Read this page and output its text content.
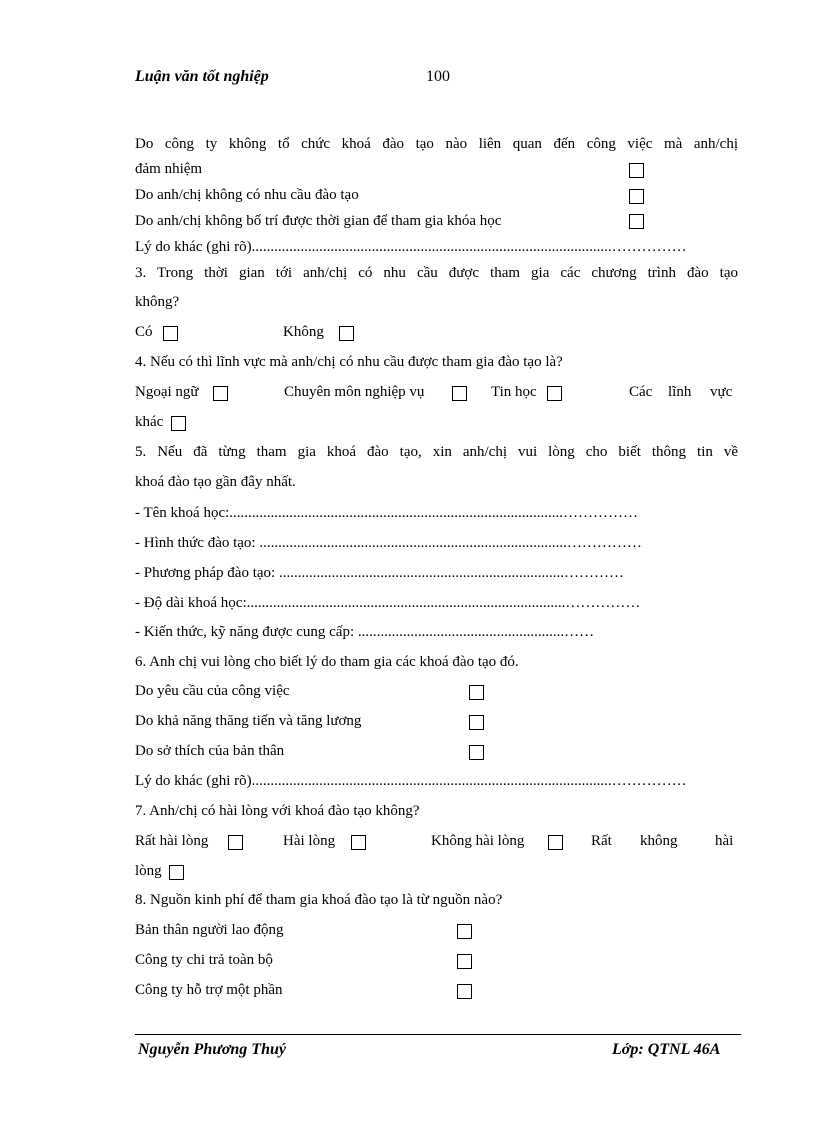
Luận văn tốt nghiệp	100
Do công ty không tổ chức khoá đào tạo nào liên quan đến công việc mà anh/chị
đảm nhiệm
Do anh/chị không có nhu cầu đào tạo
Do anh/chị không bố trí được thời gian để tham gia khóa học
Lý do khác (ghi rõ)................................................................................................……………
3. Trong thời gian tới anh/chị có nhu cầu được tham gia các chương trình đào tạo
không?
Có	Không
4. Nếu có thì lĩnh vực mà anh/chị có nhu cầu được tham gia đào tạo là?
Ngoại ngữ	Chuyên môn nghiệp vụ	Tin học	Các lĩnh vực
khác
5. Nếu đã từng tham gia khoá đào tạo, xin anh/chị vui lòng cho biết thông tin về
khoá đào tạo gần đây nhất.
- Tên khoá học:.........................................................................................……………
- Hình thức đào tạo: ..................................................................................……………
- Phương pháp đào tạo: ............................................................................…………
- Độ dài khoá học:.....................................................................................……………
- Kiến thức, kỹ năng được cung cấp: .......................................................……
6. Anh chị vui lòng cho biết lý do tham gia các khoá đào tạo đó.
Do yêu cầu của công việc
Do khả năng thăng tiến và tăng lương
Do sở thích của bản thân
Lý do khác (ghi rõ)................................................................................................……………
7. Anh/chị có hài lòng với khoá đào tạo không?
Rất hài lòng	Hài lòng	Không hài lòng	Rất không	hài
lòng
8. Nguồn kinh phí để tham gia khoá đào tạo là từ nguồn nào?
Bản thân người lao động
Công ty chi trả toàn bộ
Công ty hỗ trợ một phần
Nguyễn Phương Thuý	Lớp: QTNL 46A
